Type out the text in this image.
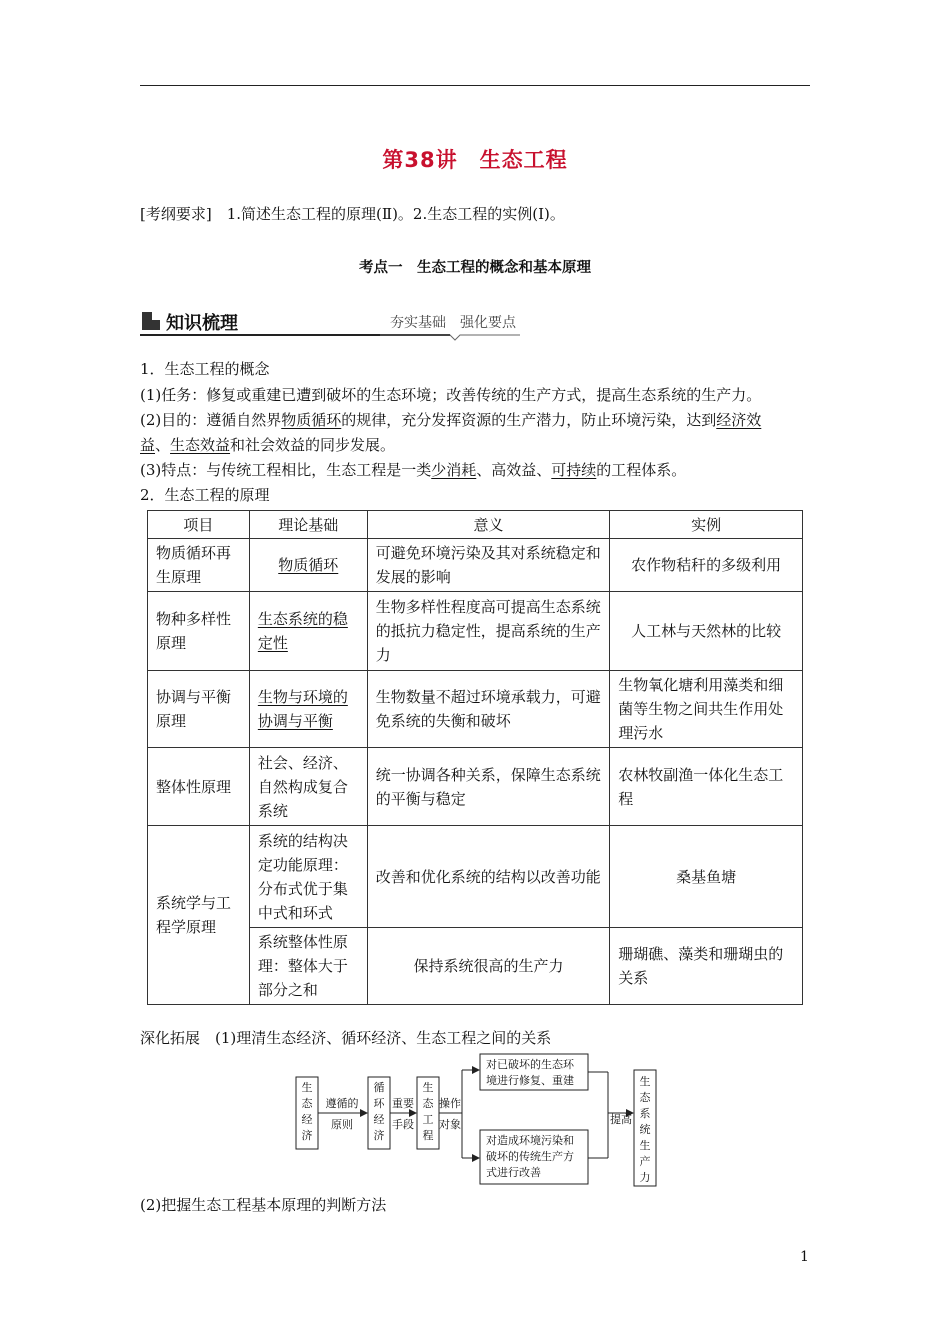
第38讲　生态工程
[考纲要求]　1.简述生态工程的原理(Ⅱ)。2.生态工程的实例(Ⅰ)。
考点一　生态工程的概念和基本原理
知识梳理	夯实基础　强化要点
1．生态工程的概念
(1)任务：修复或重建已遭到破坏的生态环境；改善传统的生产方式，提高生态系统的生产力。
(2)目的：遵循自然界物质循环的规律，充分发挥资源的生产潜力，防止环境污染，达到经济效
益、生态效益和社会效益的同步发展。
(3)特点：与传统工程相比，生态工程是一类少消耗、高效益、可持续的工程体系。
2．生态工程的原理
项目	理论基础	意义	实例
物质循环再生原理	物质循环	可避免环境污染及其对系统稳定和发展的影响	农作物秸秆的多级利用
物种多样性原理	生态系统的稳定性	生物多样性程度高可提高生态系统的抵抗力稳定性，提高系统的生产力	人工林与天然林的比较
协调与平衡原理	生物与环境的协调与平衡	生物数量不超过环境承载力，可避免系统的失衡和破坏	生物氧化塘利用藻类和细菌等生物之间共生作用处理污水
整体性原理	社会、经济、自然构成复合系统	统一协调各种关系，保障生态系统的平衡与稳定	农林牧副渔一体化生态工程
系统学与工程学原理	系统的结构决定功能原理：分布式优于集中式和环式	改善和优化系统的结构以改善功能	桑基鱼塘
	系统整体性原理：整体大于部分之和	保持系统很高的生产力	珊瑚礁、藻类和珊瑚虫的关系
深化拓展　(1)理清生态经济、循环经济、生态工程之间的关系
生
态
经
济
遵循的
原则
循
环
经
济
重要
手段
生
态
工
程
操作
对象
对已破坏的生态环
境进行修复、重建
对造成环境污染和
破坏的传统生产方
式进行改善
提高
生
态
系
统
生
产
力
(2)把握生态工程基本原理的判断方法
1
